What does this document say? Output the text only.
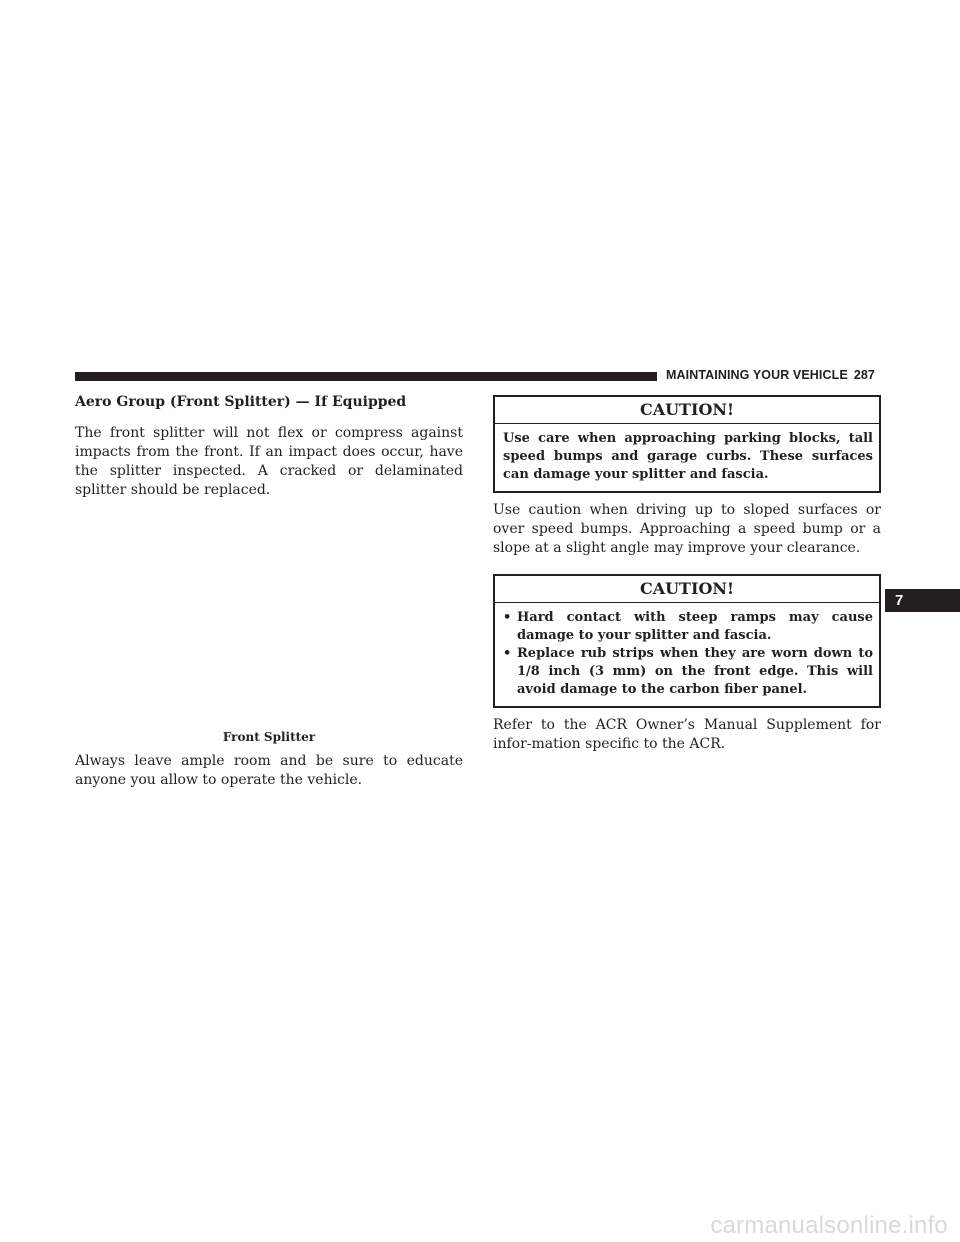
MAINTAINING YOUR VEHICLE 287
Aero Group (Front Splitter) — If Equipped

The front splitter will not flex or compress against impacts from the front. If an impact does occur, have the splitter inspected. A cracked or delaminated splitter should be replaced.

Front Splitter

Always leave ample room and be sure to educate anyone you allow to operate the vehicle.

CAUTION!
Use care when approaching parking blocks, tall speed bumps and garage curbs. These surfaces can damage your splitter and fascia.

Use caution when driving up to sloped surfaces or over speed bumps. Approaching a speed bump or a slope at a slight angle may improve your clearance.

CAUTION!
• Hard contact with steep ramps may cause damage to your splitter and fascia.
• Replace rub strips when they are worn down to 1/8 inch (3 mm) on the front edge. This will avoid damage to the carbon fiber panel.

Refer to the ACR Owner’s Manual Supplement for infor-mation specific to the ACR.

7
carmanualsonline.info
